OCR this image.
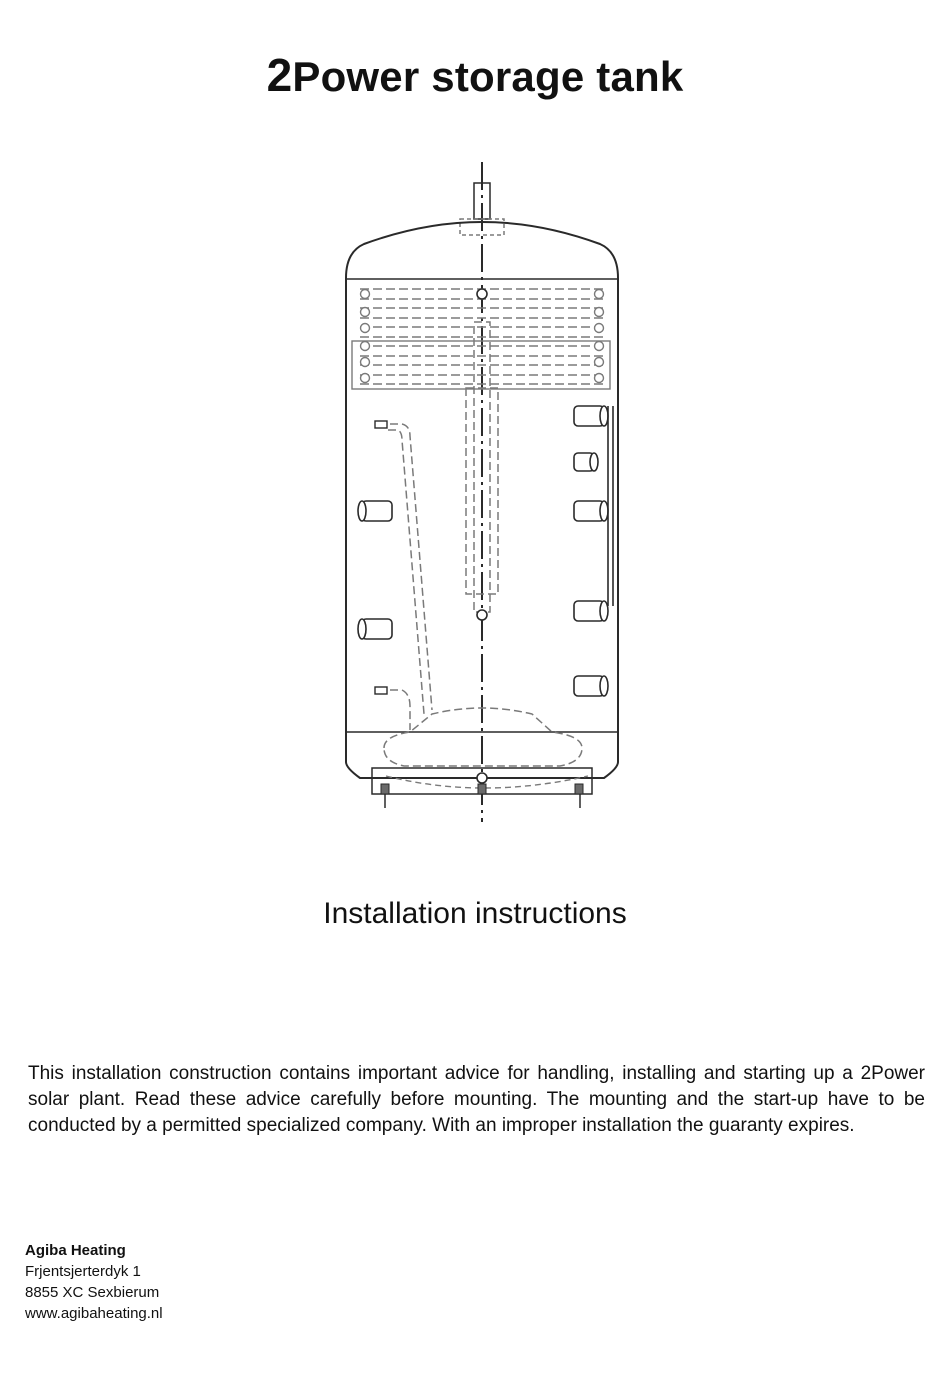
2Power storage tank
Installation instructions

This installation construction contains important advice for handling, installing and starting up a 2Power solar plant. Read these advice carefully before mounting. The mounting and the start-up have to be conducted by a permitted specialized company. With an improper installation the guaranty expires.

Agiba Heating
Frjentsjerterdyk 1
8855 XC Sexbierum
www.agibaheating.nl
